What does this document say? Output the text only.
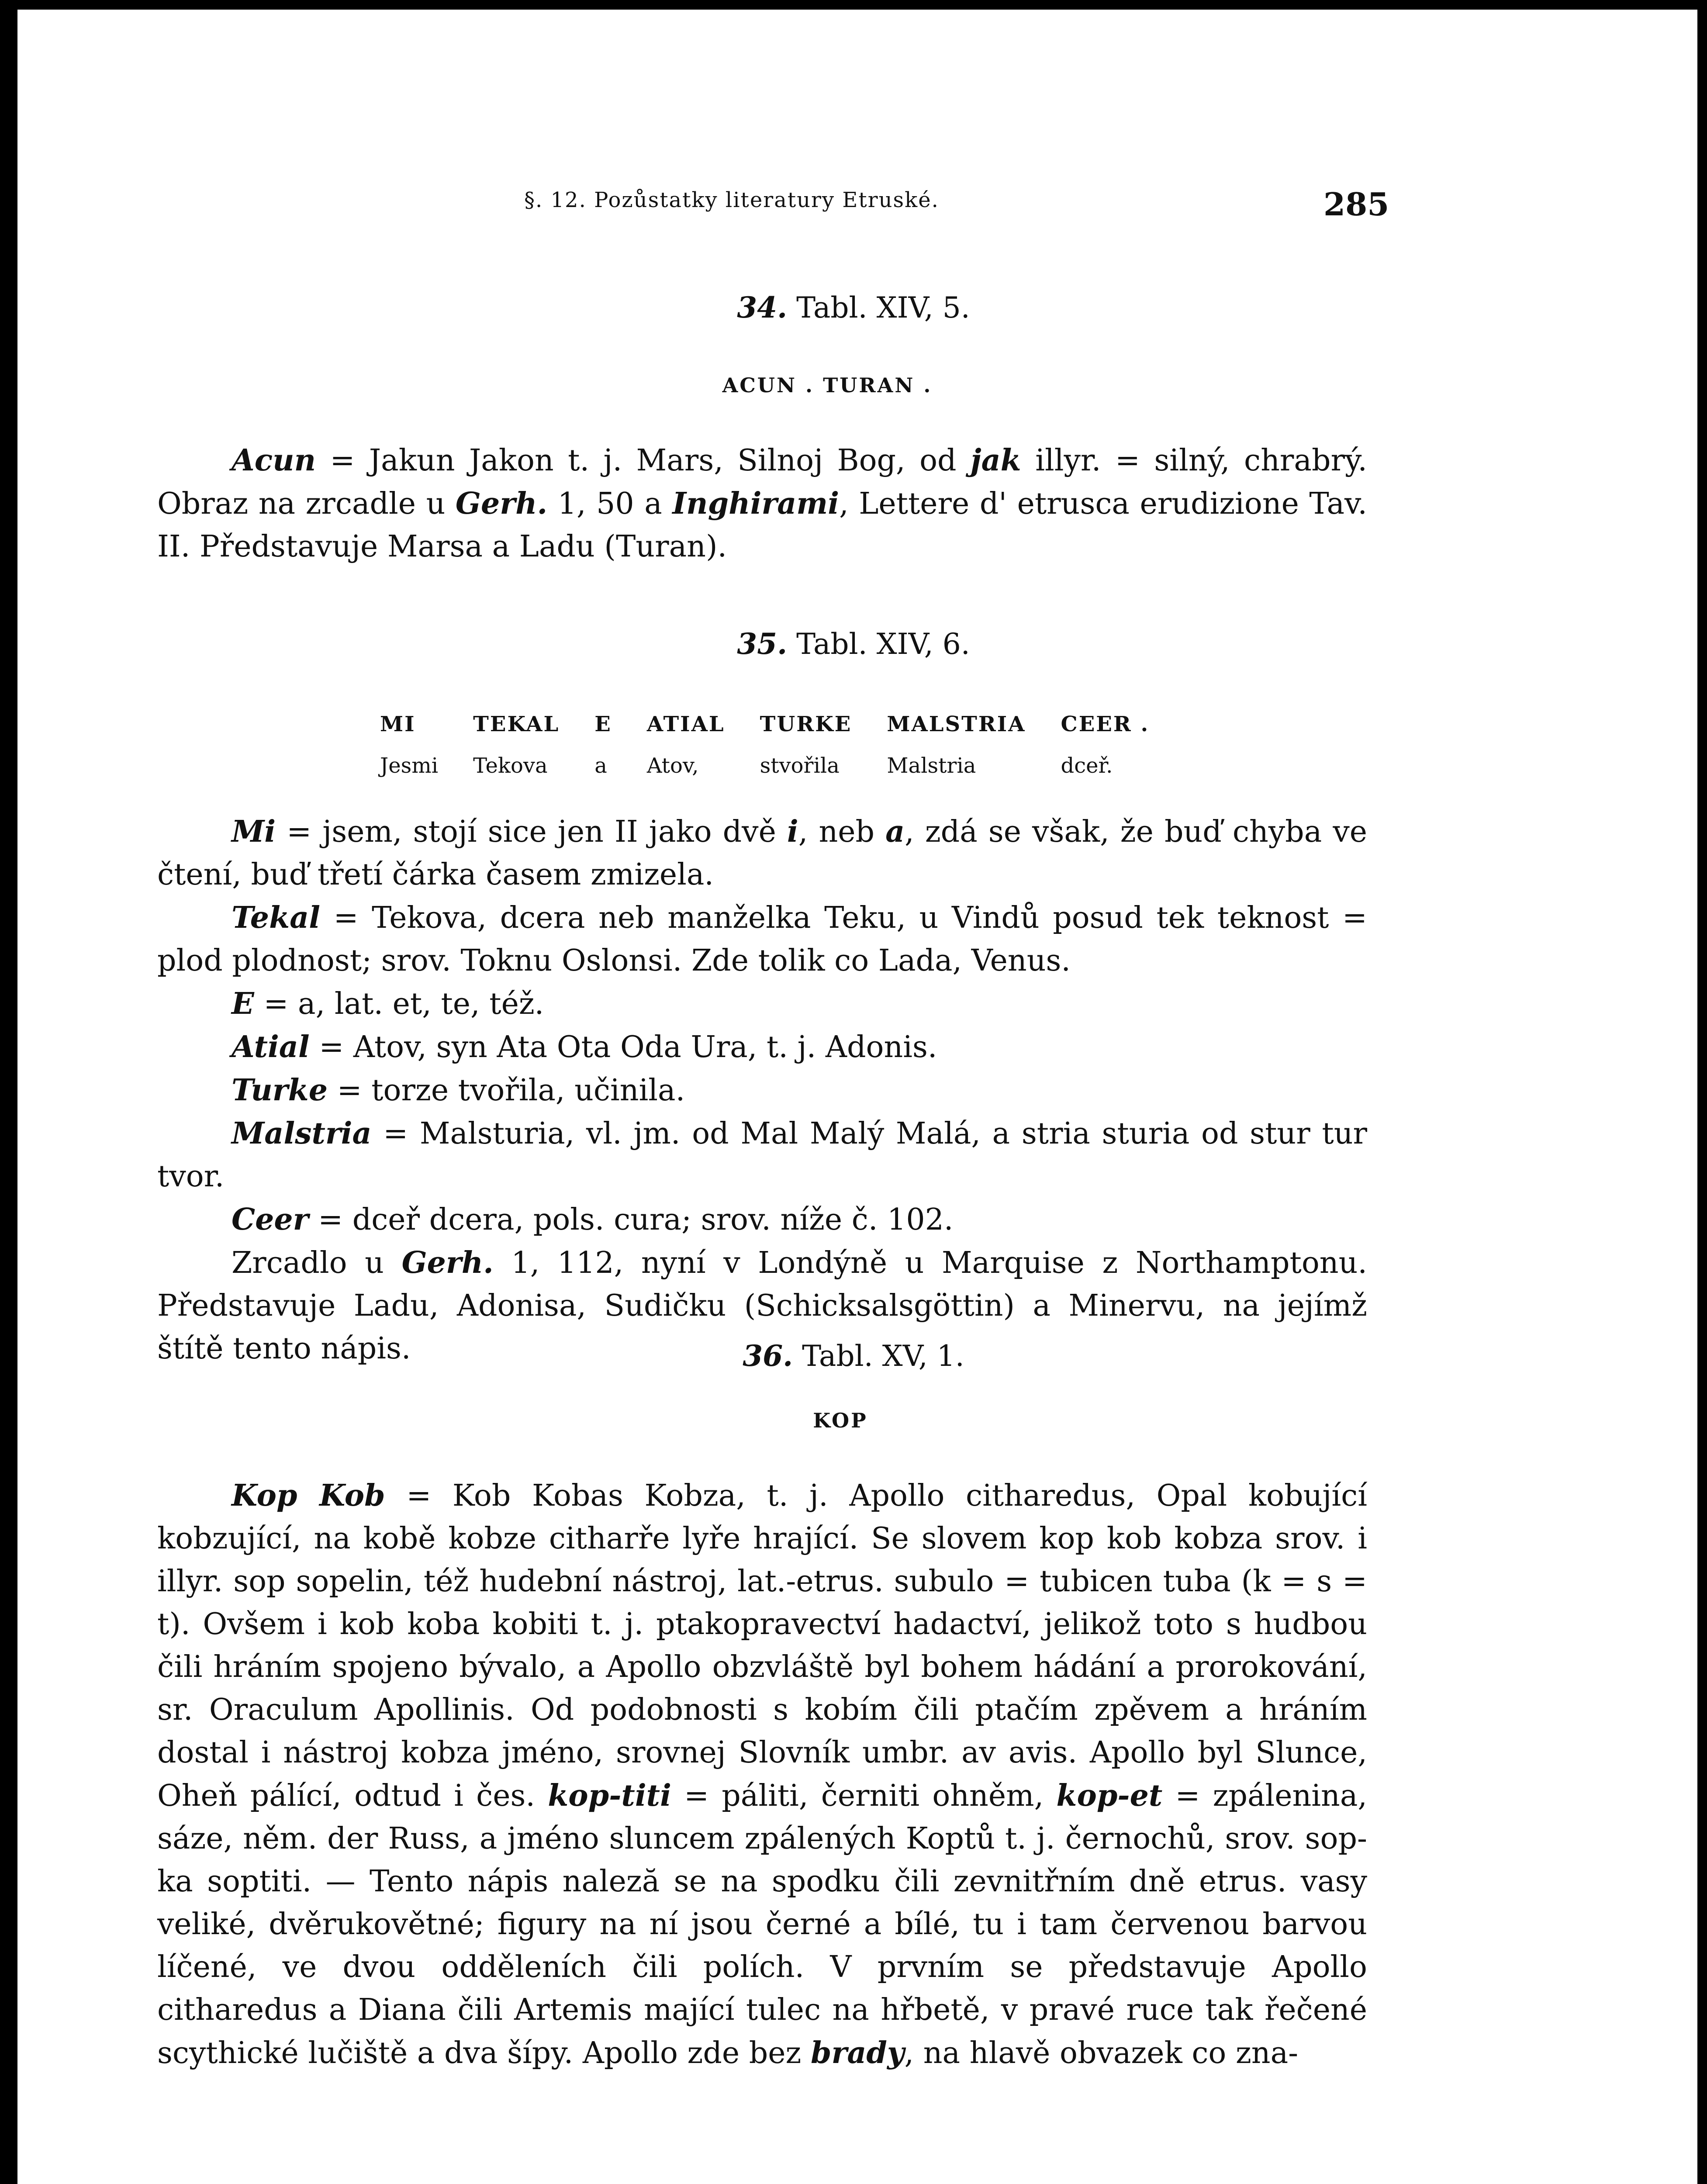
§. 12. Pozůstatky literatury Etruské.	285
34. Tabl. XIV, 5.
ACUN . TURAN .

Acun = Jakun Jakon t. j. Mars, Silnoj Bog, od jak illyr. = silný, chrabrý. Obraz na zrcadle u Gerh. 1, 50 a Inghirami, Lettere d' etrusca erudizione Tav. II. Představuje Marsa a Ladu (Turan).

35. Tabl. XIV, 6.
MI	TEKAL	E	ATIAL	TURKE	MALSTRIA	CEER .
Jesmi	Tekova	a	Atov,	stvořila	Malstria	dceř.

Mi = jsem, stojí sice jen II jako dvě i, neb a, zdá se však, že buď chyba ve čtení, buď třetí čárka časem zmizela.

Tekal = Tekova, dcera neb manželka Teku, u Vindů posud tek teknost = plod plodnost; srov. Toknu Oslonsi. Zde tolik co Lada, Venus.

E = a, lat. et, te, též.

Atial = Atov, syn Ata Ota Oda Ura, t. j. Adonis.

Turke = torze tvořila, učinila.

Malstria = Malsturia, vl. jm. od Mal Malý Malá, a stria sturia od stur tur tvor.

Ceer = dceř dcera, pols. cura; srov. níže č. 102.

Zrcadlo u Gerh. 1, 112, nyní v Londýně u Marquise z Northamptonu. Představuje Ladu, Adonisa, Sudičku (Schicksalsgöttin) a Minervu, na jejímž štítě tento nápis.	36. Tabl. XV, 1.
KOP

Kop Kob = Kob Kobas Kobza, t. j. Apollo citharedus, Opal kobující kobzující, na kobě kobze citharře lyře hrající. Se slovem kop kob kobza srov. i illyr. sop sopelin, též hudební nástroj, lat.-etrus. subulo = tubicen tuba (k = s = t). Ovšem i kob koba kobiti t. j. ptakopravectví hadactví, jelikož toto s hudbou čili hráním spojeno bývalo, a Apollo obzvláště byl bohem hádání a prorokování, sr. Oraculum Apollinis. Od podobnosti s kobím čili ptačím zpěvem a hráním dostal i nástroj kobza jméno, srovnej Slovník umbr. av avis. Apollo byl Slunce, Oheň pálící, odtud i čes. kop-titi = páliti, černiti ohněm, kop-et = zpálenina, sáze, něm. der Russ, a jméno sluncem zpálených Koptů t. j. černochů, srov. sop-ka soptiti. — Tento nápis naleză se na spodku čili zevnitřním dně etrus. vasy veliké, dvěrukovětné; figury na ní jsou černé a bílé, tu i tam červenou barvou líčené, ve dvou odděleních čili polích. V prvním se představuje Apollo citharedus a Diana čili Artemis mající tulec na hřbetě, v pravé ruce tak řečené scythické lučiště a dva šípy. Apollo zde bez brady, na hlavě obvazek co zna-
